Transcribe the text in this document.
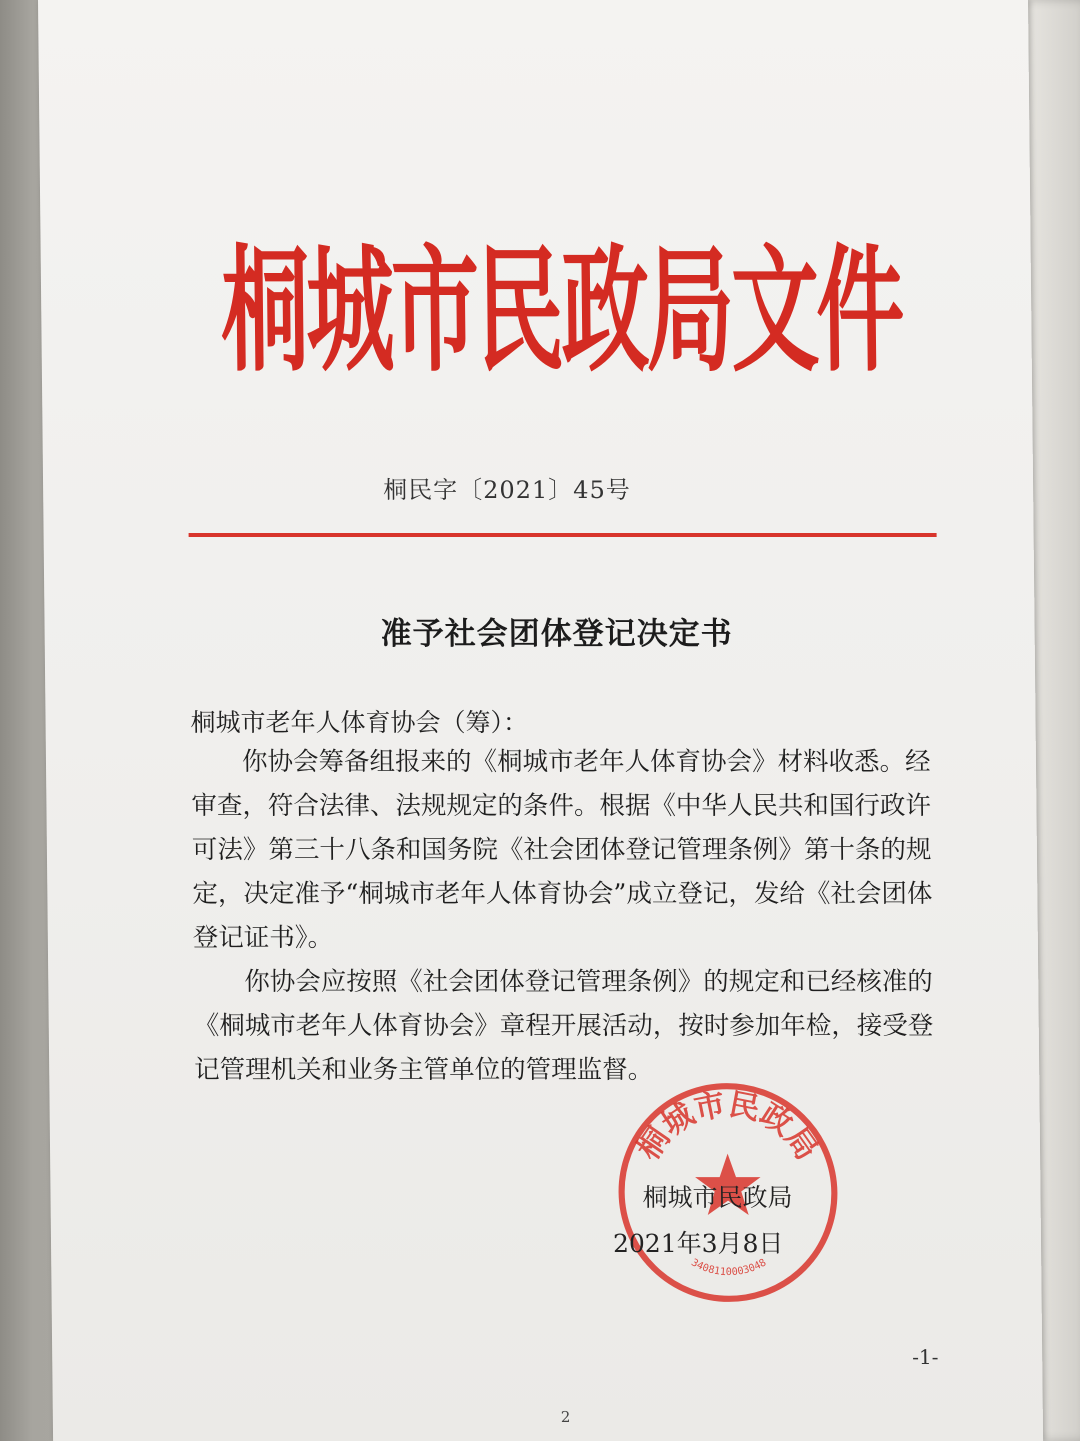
桐城市民政局文件
桐民字〔2021〕45号
准予社会团体登记决定书
桐城市老年人体育协会（筹）：

你协会筹备组报来的《桐城市老年人体育协会》材料收悉。经审查，符合法律、法规规定的条件。根据《中华人民共和国行政许可法》第三十八条和国务院《社会团体登记管理条例》第十条的规定，决定准予“桐城市老年人体育协会”成立登记，发给《社会团体登记证书》。

你协会应按照《社会团体登记管理条例》的规定和已经核准的《桐城市老年人体育协会》章程开展活动，按时参加年检，接受登记管理机关和业务主管单位的管理监督。

桐城市民政局
3408110003048
桐城市民政局
2021年3月8日
-1-
2
